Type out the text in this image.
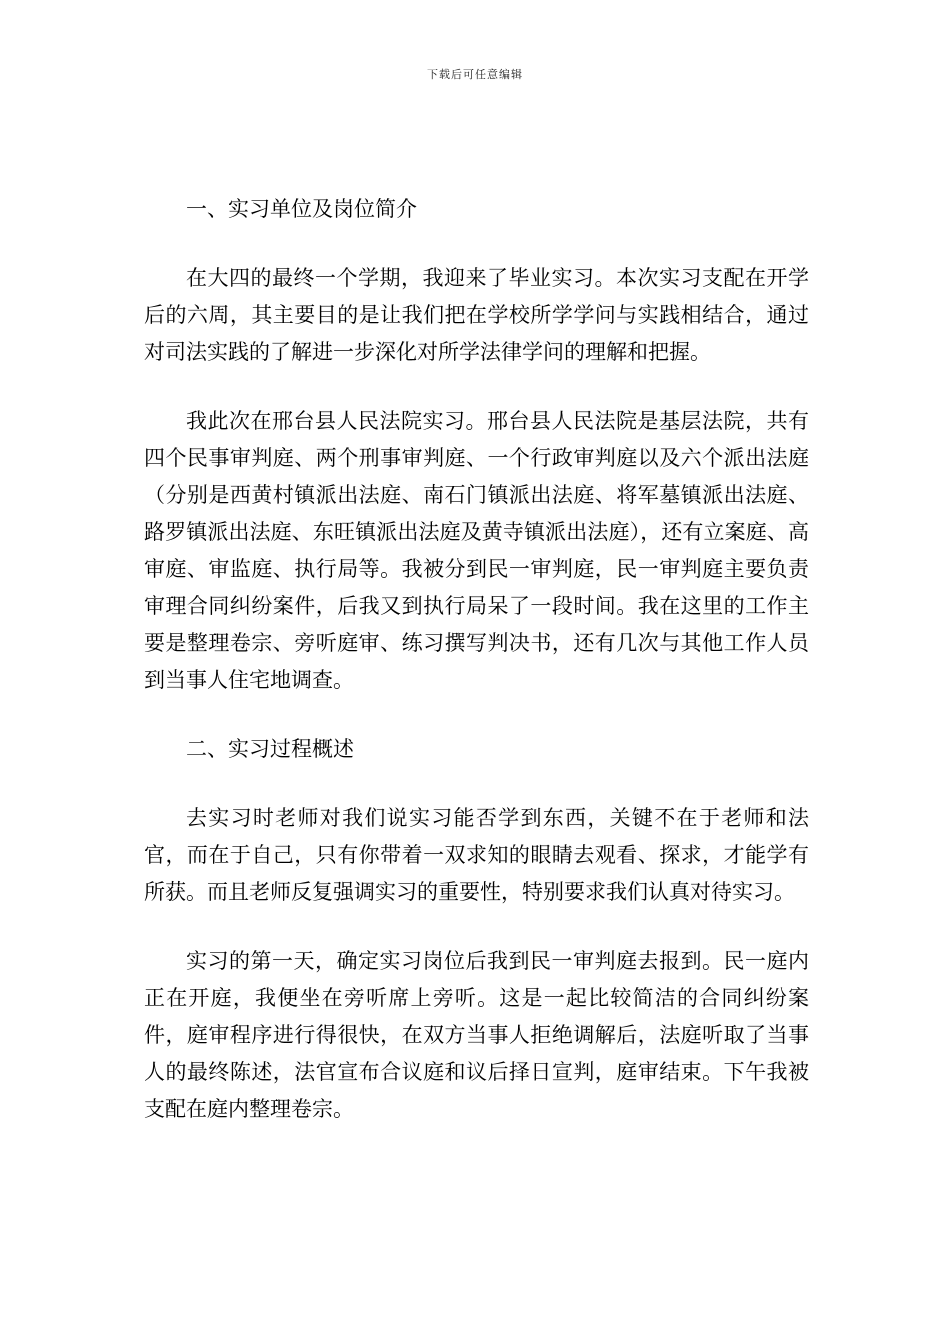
下载后可任意编辑

一、实习单位及岗位简介

在大四的最终一个学期，我迎来了毕业实习。本次实习支配在开学后的六周，其主要目的是让我们把在学校所学学问与实践相结合，通过对司法实践的了解进一步深化对所学法律学问的理解和把握。

我此次在邢台县人民法院实习。邢台县人民法院是基层法院，共有四个民事审判庭、两个刑事审判庭、一个行政审判庭以及六个派出法庭（分别是西黄村镇派出法庭、南石门镇派出法庭、将军墓镇派出法庭、路罗镇派出法庭、东旺镇派出法庭及黄寺镇派出法庭），还有立案庭、高审庭、审监庭、执行局等。我被分到民一审判庭，民一审判庭主要负责审理合同纠纷案件，后我又到执行局呆了一段时间。我在这里的工作主要是整理卷宗、旁听庭审、练习撰写判决书，还有几次与其他工作人员到当事人住宅地调查。

二、实习过程概述

去实习时老师对我们说实习能否学到东西，关键不在于老师和法官，而在于自己，只有你带着一双求知的眼睛去观看、探求，才能学有所获。而且老师反复强调实习的重要性，特别要求我们认真对待实习。

实习的第一天，确定实习岗位后我到民一审判庭去报到。民一庭内正在开庭，我便坐在旁听席上旁听。这是一起比较简洁的合同纠纷案件，庭审程序进行得很快，在双方当事人拒绝调解后，法庭听取了当事人的最终陈述，法官宣布合议庭和议后择日宣判，庭审结束。下午我被支配在庭内整理卷宗。
